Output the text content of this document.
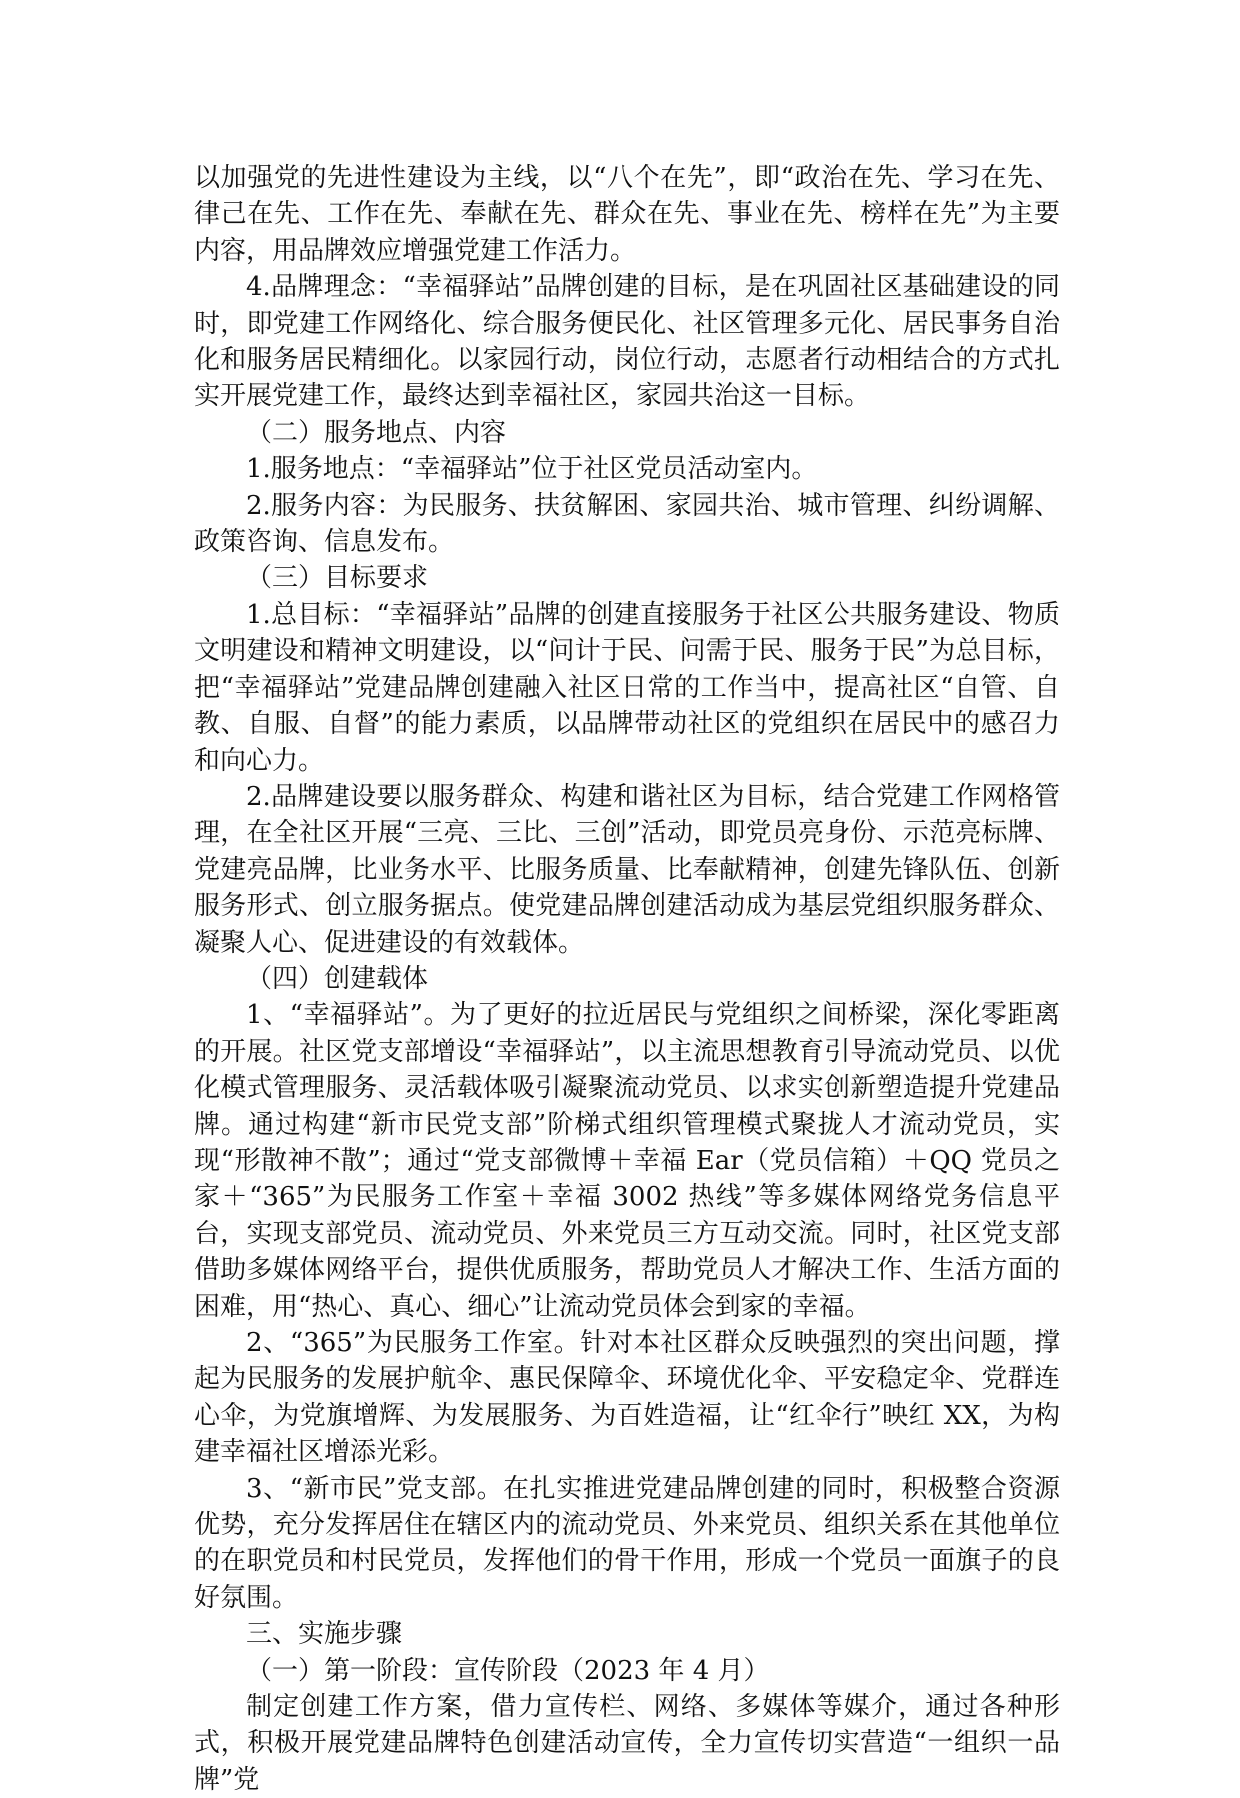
以加强党的先进性建设为主线，以“八个在先”，即“政治在先、学习在先、律己在先、工作在先、奉献在先、群众在先、事业在先、榜样在先”为主要内容，用品牌效应增强党建工作活力。

4.品牌理念：“幸福驿站”品牌创建的目标，是在巩固社区基础建设的同时，即党建工作网络化、综合服务便民化、社区管理多元化、居民事务自治化和服务居民精细化。以家园行动，岗位行动，志愿者行动相结合的方式扎实开展党建工作，最终达到幸福社区，家园共治这一目标。

（二）服务地点、内容

1.服务地点：“幸福驿站”位于社区党员活动室内。

2.服务内容：为民服务、扶贫解困、家园共治、城市管理、纠纷调解、政策咨询、信息发布。

（三）目标要求

1.总目标：“幸福驿站”品牌的创建直接服务于社区公共服务建设、物质文明建设和精神文明建设，以“问计于民、问需于民、服务于民”为总目标，把“幸福驿站”党建品牌创建融入社区日常的工作当中，提高社区“自管、自教、自服、自督”的能力素质，以品牌带动社区的党组织在居民中的感召力和向心力。

2.品牌建设要以服务群众、构建和谐社区为目标，结合党建工作网格管理，在全社区开展“三亮、三比、三创”活动，即党员亮身份、示范亮标牌、党建亮品牌，比业务水平、比服务质量、比奉献精神，创建先锋队伍、创新服务形式、创立服务据点。使党建品牌创建活动成为基层党组织服务群众、凝聚人心、促进建设的有效载体。

（四）创建载体

1、“幸福驿站”。为了更好的拉近居民与党组织之间桥梁，深化零距离的开展。社区党支部增设“幸福驿站”，以主流思想教育引导流动党员、以优化模式管理服务、灵活载体吸引凝聚流动党员、以求实创新塑造提升党建品牌。通过构建“新市民党支部”阶梯式组织管理模式聚拢人才流动党员，实现“形散神不散”；通过“党支部微博＋幸福 Ear（党员信箱）＋QQ 党员之家＋“365”为民服务工作室＋幸福 3002 热线”等多媒体网络党务信息平台，实现支部党员、流动党员、外来党员三方互动交流。同时，社区党支部借助多媒体网络平台，提供优质服务，帮助党员人才解决工作、生活方面的困难，用“热心、真心、细心”让流动党员体会到家的幸福。

2、“365”为民服务工作室。针对本社区群众反映强烈的突出问题，撑起为民服务的发展护航伞、惠民保障伞、环境优化伞、平安稳定伞、党群连心伞，为党旗增辉、为发展服务、为百姓造福，让“红伞行”映红 XX，为构建幸福社区增添光彩。

3、“新市民”党支部。在扎实推进党建品牌创建的同时，积极整合资源优势，充分发挥居住在辖区内的流动党员、外来党员、组织关系在其他单位的在职党员和村民党员，发挥他们的骨干作用，形成一个党员一面旗子的良好氛围。

三、实施步骤

（一）第一阶段：宣传阶段（2023 年 4 月）

制定创建工作方案，借力宣传栏、网络、多媒体等媒介，通过各种形式，积极开展党建品牌特色创建活动宣传，全力宣传切实营造“一组织一品牌”党
